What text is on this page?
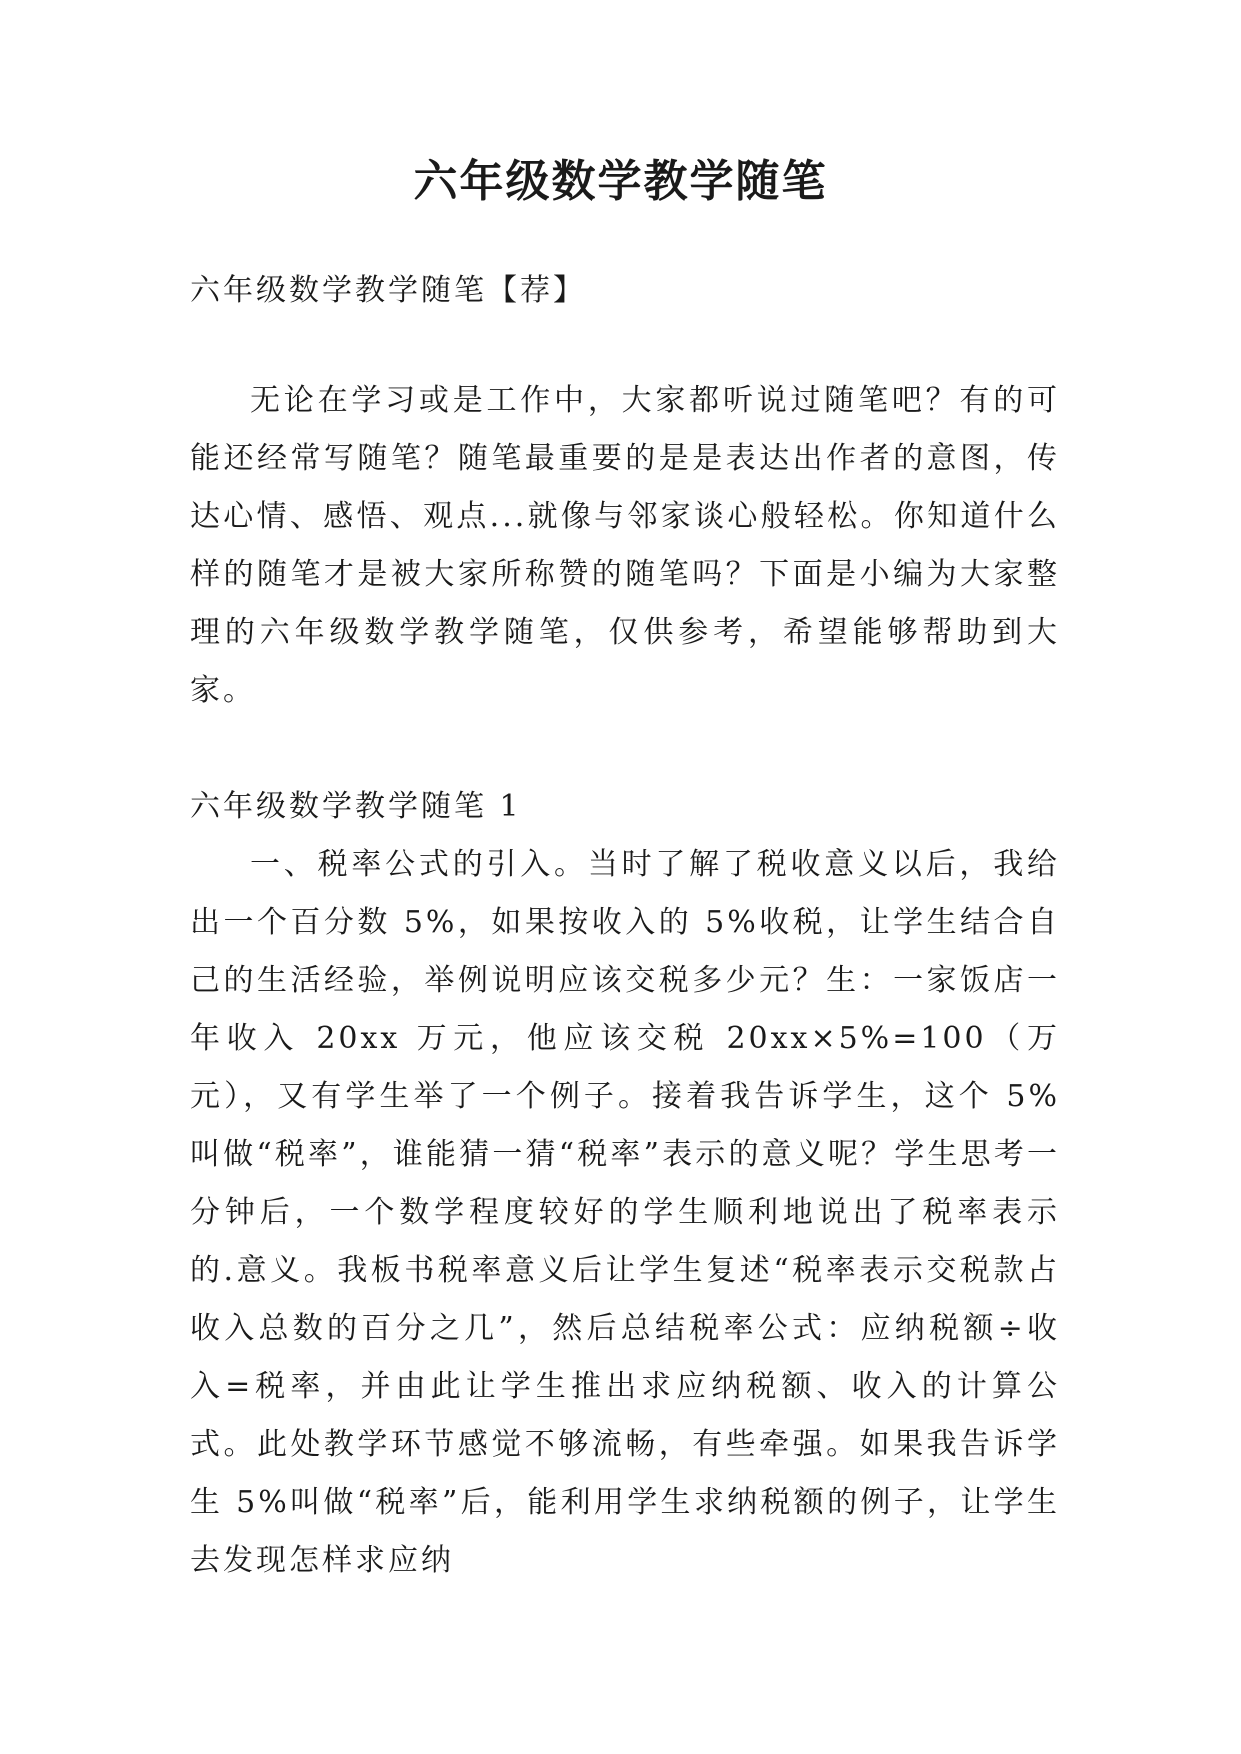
六年级数学教学随笔

六年级数学教学随笔【荐】

无论在学习或是工作中，大家都听说过随笔吧？有的可能还经常写随笔？随笔最重要的是是表达出作者的意图，传达心情、感悟、观点...就像与邻家谈心般轻松。你知道什么样的随笔才是被大家所称赞的随笔吗？下面是小编为大家整理的六年级数学教学随笔，仅供参考，希望能够帮助到大家。

六年级数学教学随笔 1

一、税率公式的引入。当时了解了税收意义以后，我给出一个百分数 5%，如果按收入的 5%收税，让学生结合自己的生活经验，举例说明应该交税多少元？生：一家饭店一年收入 20xx 万元，他应该交税 20xx×5%=100（万元），又有学生举了一个例子。接着我告诉学生，这个 5%叫做“税率”，谁能猜一猜“税率”表示的意义呢？学生思考一分钟后，一个数学程度较好的学生顺利地说出了税率表示的.意义。我板书税率意义后让学生复述“税率表示交税款占收入总数的百分之几”，然后总结税率公式：应纳税额÷收入=税率，并由此让学生推出求应纳税额、收入的计算公式。此处教学环节感觉不够流畅，有些牵强。如果我告诉学生 5%叫做“税率”后，能利用学生求纳税额的例子，让学生去发现怎样求应纳
